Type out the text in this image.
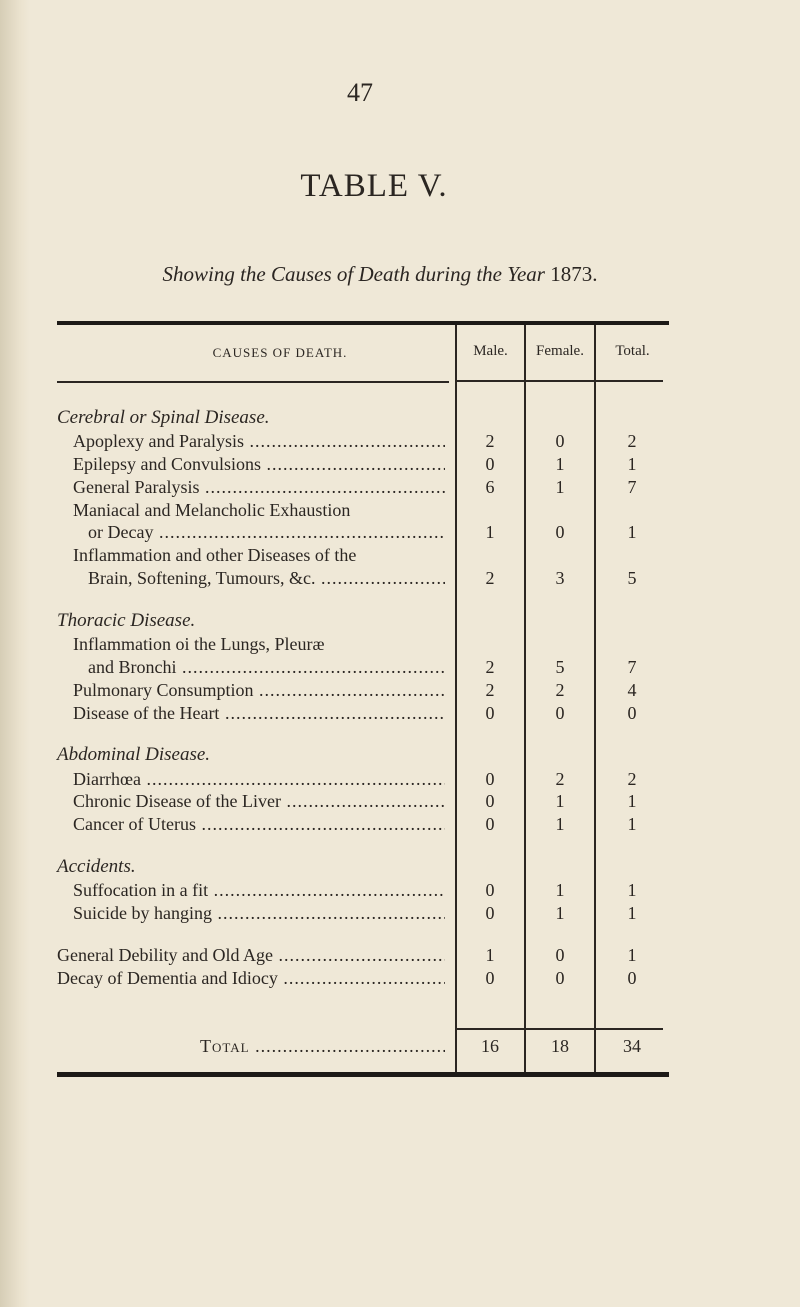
47
TABLE V.
Showing the Causes of Death during the Year 1873.
CAUSES OF DEATH.	Male.	Female.	Total.
Cerebral or Spinal Disease.
Apoplexy and Paralysis .....	2	0	2
Epilepsy and Convulsions .....	0	1	1
General Paralysis .....	6	1	7
Maniacal and Melancholic Exhaustion
or Decay .....	1	0	1
Inflammation and other Diseases of the
Brain, Softening, Tumours, &c. .....	2	3	5
Thoracic Disease.
Inflammation oi the Lungs, Pleuræ
and Bronchi .....	2	5	7
Pulmonary Consumption .....	2	2	4
Disease of the Heart .....	0	0	0
Abdominal Disease.
Diarrhœa .....	0	2	2
Chronic Disease of the Liver .....	0	1	1
Cancer of Uterus .....	0	1	1
Accidents.
Suffocation in a fit .....	0	1	1
Suicide by hanging .....	0	1	1
General Debility and Old Age .....	1	0	1
Decay of Dementia and Idiocy .....	0	0	0
Total .....	16	18	34
